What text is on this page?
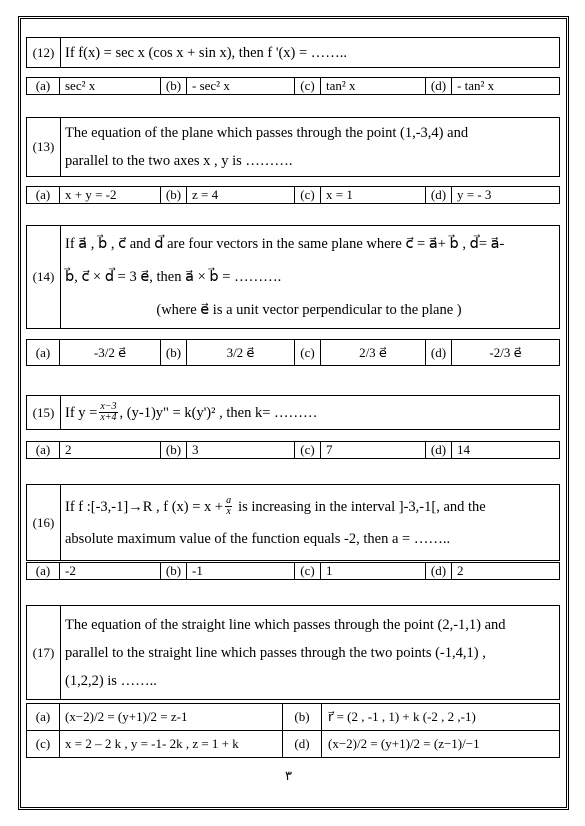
(12) If f(x) = sec x (cos x + sin x), then f '(x) = ……..
(a)	sec² x	(b) - sec² x	(c) tan² x	(d) - tan² x
(13)
The equation of the plane which passes through the point (1,-3,4) and
parallel to the two axes x , y is ……….
(a)	x + y = -2	(b) z = 4	(c) x = 1	(d) y = - 3
(14)
If a⃗ , b⃗ , c⃗ and d⃗ are four vectors in the same plane where c⃗ = a⃗+ b⃗ , d⃗= a⃗-
b⃗, c⃗ × d⃗ = 3 e⃗, then a⃗ × b⃗ = ……….
(where e⃗ is a unit vector perpendicular to the plane )
(a)	-3/2 e⃗	(b)	3/2 e⃗	(c)	2/3 e⃗	(d)	-2/3 e⃗
(15) If $y = \frac{x-3}{x+4}$ , (y-1)y" = k(y')² , then k= ………
(a)	2	(b) 3	(c) 7	(d) 14
(16)
If f :[-3,-1]→R , f $(x) = x + \frac{a}{x}$ is increasing in the interval ]-3,-1[, and the
absolute maximum value of the function equals -2, then a = ……..
(a)	-2	(b) -1	(c) 1	(d) 2
(17)
The equation of the straight line which passes through the point (2,-1,1) and
parallel to the straight line which passes through the two points (-1,4,1) ,
(1,2,2) is ……..
(a)	(x−2)/2 = (y+1)/2 = z-1	(b)	r⃗ = (2 , -1 , 1) + k (-2 , 2 ,-1)
(c)	x = 2 – 2 k , y = -1- 2k , z = 1 + k	(d)	(x−2)/2 = (y+1)/2 = (z−1)/−1
٣
